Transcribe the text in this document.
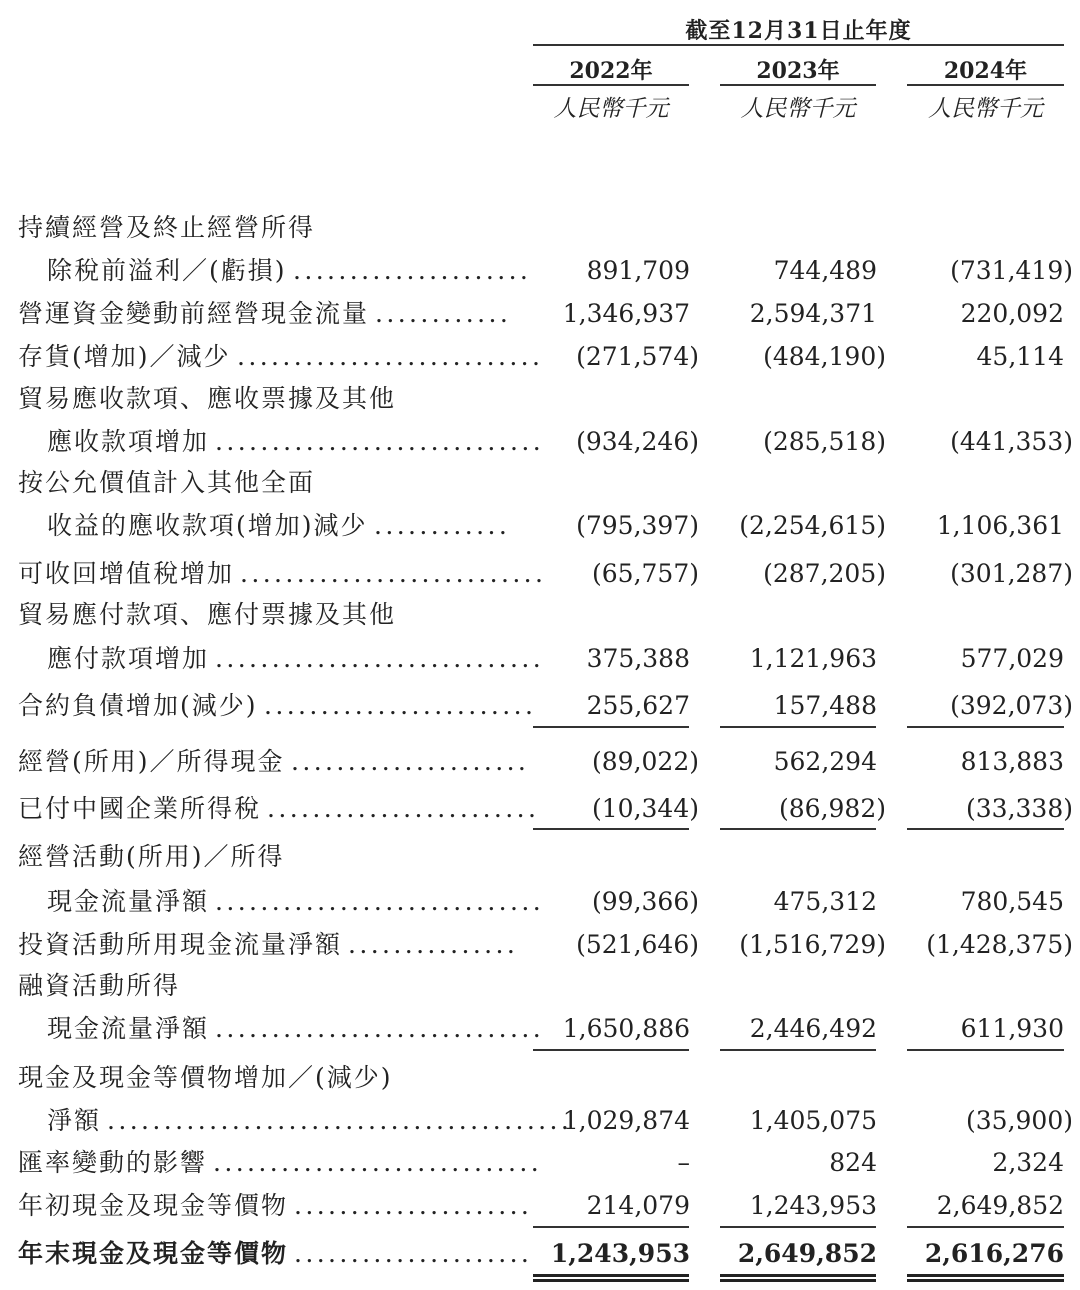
截至12月31日止年度
2022年	2023年	2024年
人民幣千元	人民幣千元	人民幣千元
持續經營及終止經營所得
除稅前溢利／(虧損)	891,709	744,489	(731,419)
營運資金變動前經營現金流量	1,346,937 2,594,371	220,092
存貨(增加)／減少	(271,574)	(484,190)	45,114
貿易應收款項、應收票據及其他
應收款項增加	(934,246)	(285,518)	(441,353)
按公允價值計入其他全面
收益的應收款項(增加)減少	(795,397) (2,254,615) 1,106,361
可收回增值稅增加	(65,757)	(287,205)	(301,287)
貿易應付款項、應付票據及其他
應付款項增加	375,388 1,121,963	577,029
合約負債增加(減少)	255,627	157,488	(392,073)
經營(所用)／所得現金	(89,022)	562,294	813,883
已付中國企業所得稅	(10,344)	(86,982)	(33,338)
經營活動(所用)／所得
現金流量淨額	(99,366)	475,312	780,545
投資活動所用現金流量淨額	(521,646) (1,516,729) (1,428,375)
融資活動所得
現金流量淨額	1,650,886 2,446,492	611,930
現金及現金等價物增加／(減少)
淨額	1,029,874 1,405,075	(35,900)
匯率變動的影響	–	824	2,324
年初現金及現金等價物	214,079 1,243,953 2,649,852
年末現金及現金等價物	1,243,953 2,649,852 2,616,276
.....................
............
...........................
.............................
............
...........................
.............................
........................
.....................
........................
.............................
...............
.............................
.........................................
.............................
.....................
.....................
